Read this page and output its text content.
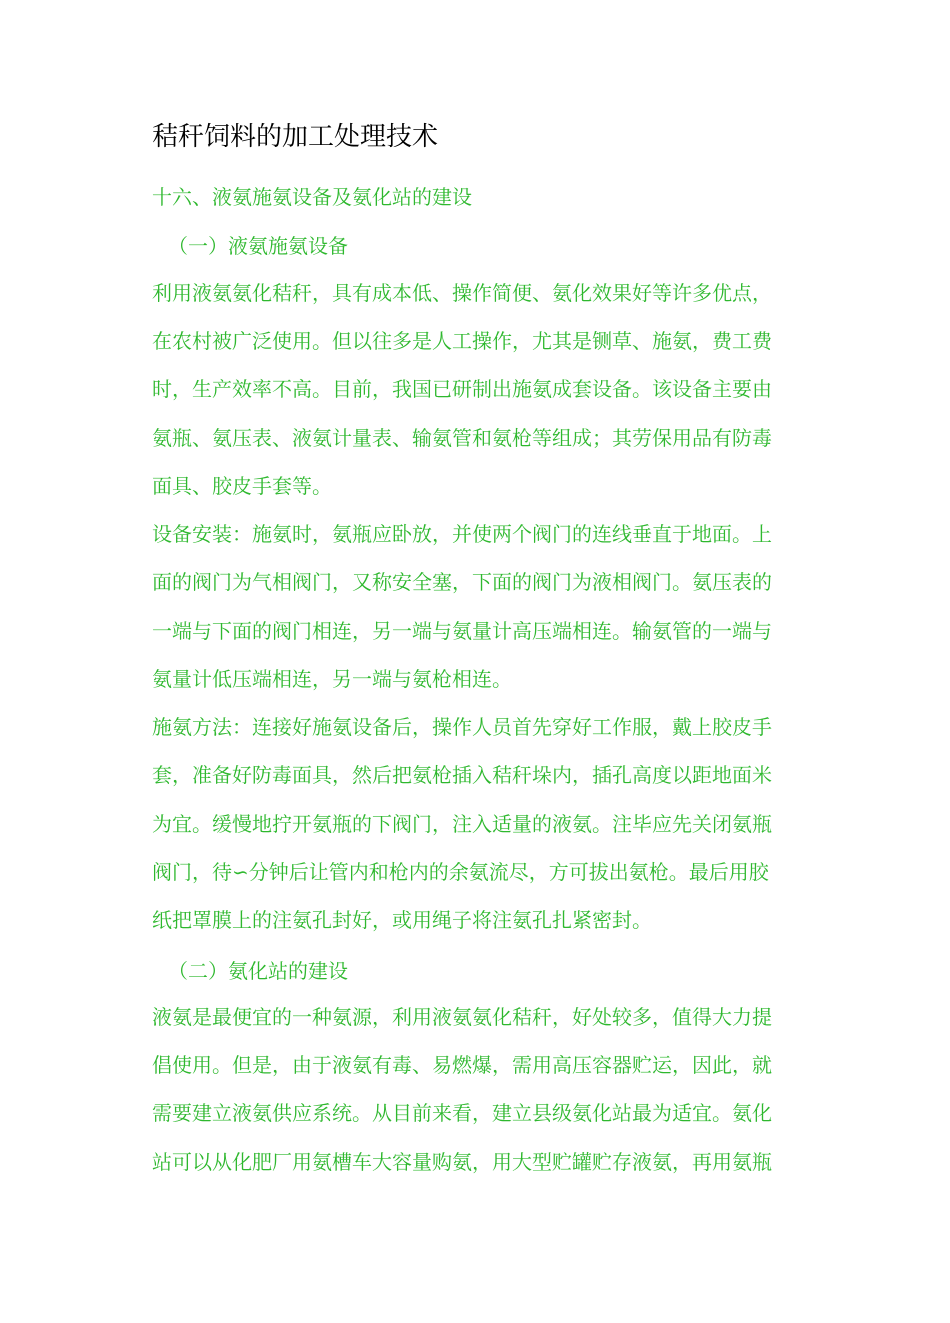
秸秆饲料的加工处理技术
十六、液氨施氨设备及氨化站的建设
（一）液氨施氨设备
利用液氨氨化秸秆，具有成本低、操作简便、氨化效果好等许多优点，
在农村被广泛使用。但以往多是人工操作，尤其是铡草、施氨，费工费
时，生产效率不高。目前，我国已研制出施氨成套设备。该设备主要由
氨瓶、氨压表、液氨计量表、输氨管和氨枪等组成；其劳保用品有防毒
面具、胶皮手套等。
设备安装：施氨时，氨瓶应卧放，并使两个阀门的连线垂直于地面。上
面的阀门为气相阀门，又称安全塞，下面的阀门为液相阀门。氨压表的
一端与下面的阀门相连，另一端与氨量计高压端相连。输氨管的一端与
氨量计低压端相连，另一端与氨枪相连。
施氨方法：连接好施氨设备后，操作人员首先穿好工作服，戴上胶皮手
套，准备好防毒面具，然后把氨枪插入秸秆垛内，插孔高度以距地面米
为宜。缓慢地拧开氨瓶的下阀门，注入适量的液氨。注毕应先关闭氨瓶
阀门，待∽分钟后让管内和枪内的余氨流尽，方可拔出氨枪。最后用胶
纸把罩膜上的注氨孔封好，或用绳子将注氨孔扎紧密封。
（二）氨化站的建设
液氨是最便宜的一种氨源，利用液氨氨化秸秆，好处较多，值得大力提
倡使用。但是，由于液氨有毒、易燃爆，需用高压容器贮运，因此，就
需要建立液氨供应系统。从目前来看，建立县级氨化站最为适宜。氨化
站可以从化肥厂用氨槽车大容量购氨，用大型贮罐贮存液氨，再用氨瓶
